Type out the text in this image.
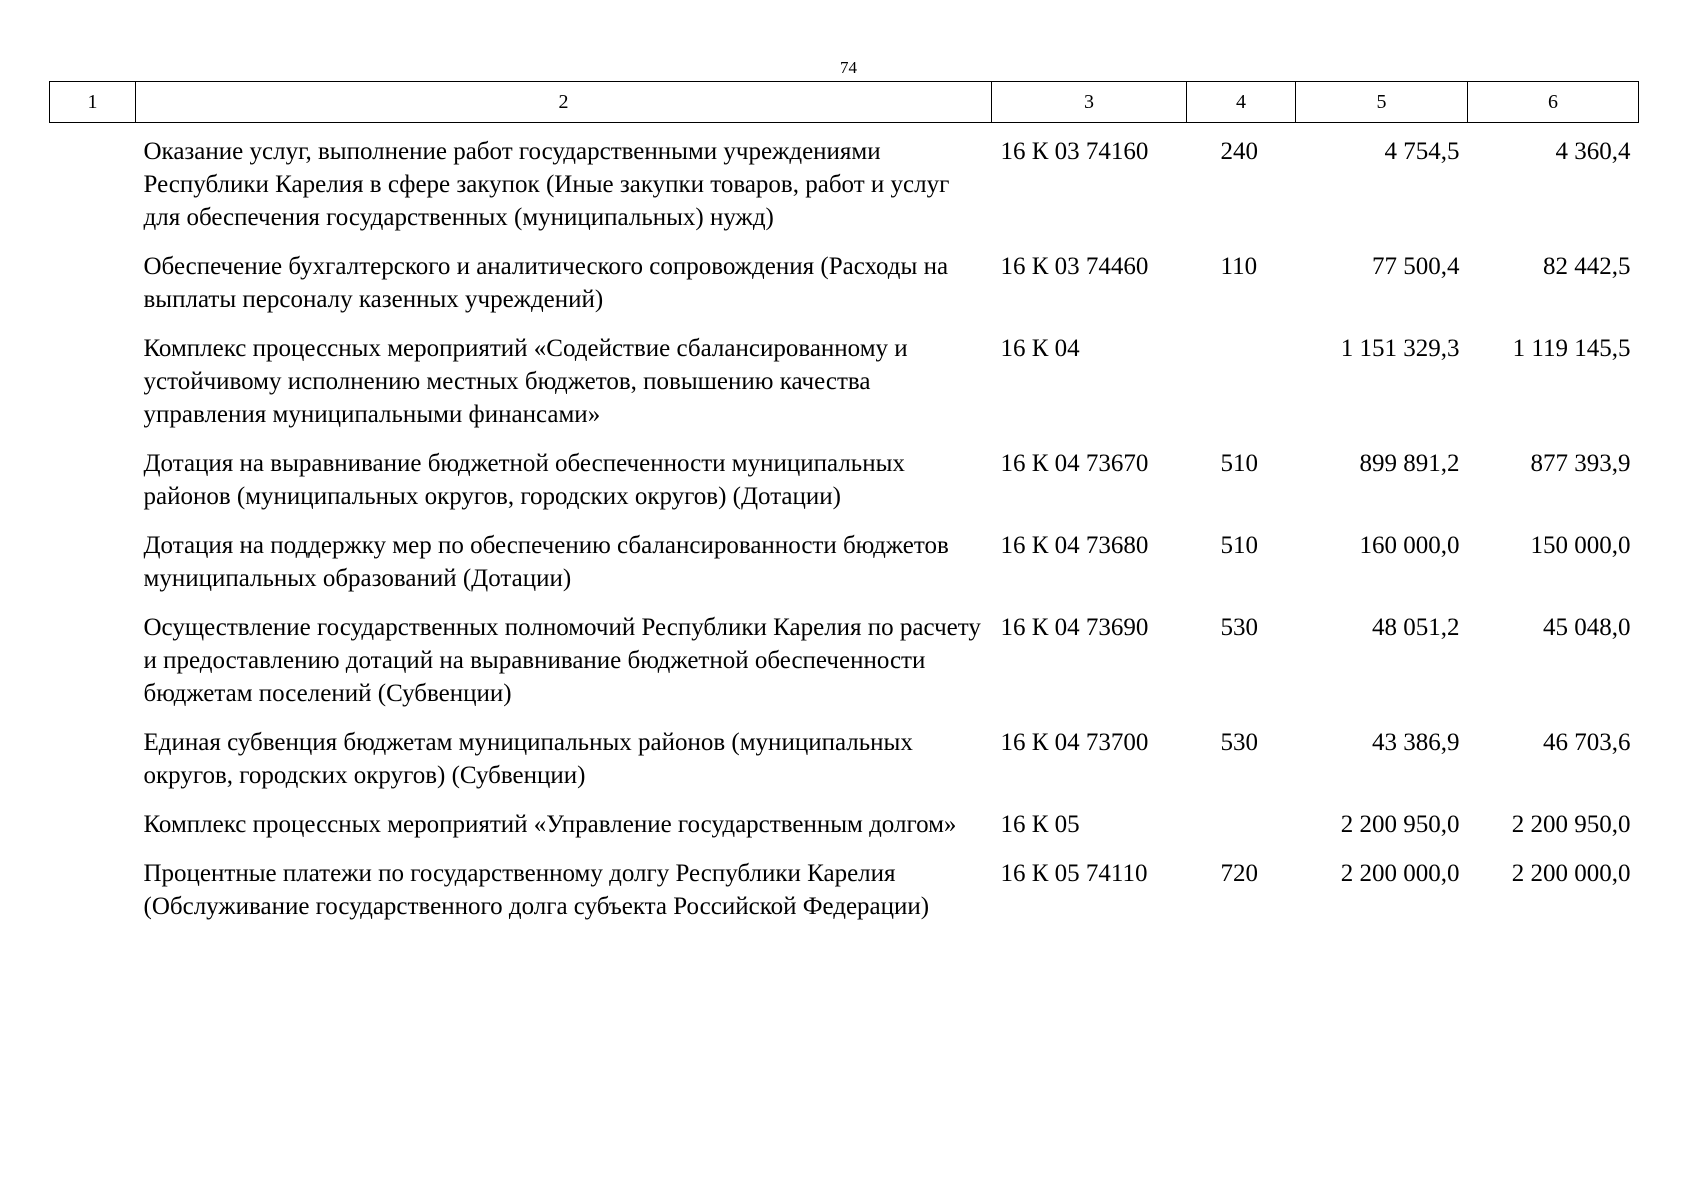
74
1	2	3	4	5	6
	Оказание услуг, выполнение работ государственными учреждениями Республики Карелия в сфере закупок (Иные закупки товаров, работ и услуг для обеспечения государственных (муниципальных) нужд)	16 К 03 74160	240	4 754,5	4 360,4
	Обеспечение бухгалтерского и аналитического сопровождения (Расходы на выплаты персоналу казенных учреждений)	16 К 03 74460	110	77 500,4	82 442,5
	Комплекс процессных мероприятий «Содействие сбалансированному и устойчивому исполнению местных бюджетов, повышению качества управления муниципальными финансами»	16 К 04		1 151 329,3	1 119 145,5
	Дотация на выравнивание бюджетной обеспеченности муниципальных районов (муниципальных округов, городских округов) (Дотации)	16 К 04 73670	510	899 891,2	877 393,9
	Дотация на поддержку мер по обеспечению сбалансированности бюджетов муниципальных образований (Дотации)	16 К 04 73680	510	160 000,0	150 000,0
	Осуществление государственных полномочий Республики Карелия по расчету и предоставлению дотаций на выравнивание бюджетной обеспеченности бюджетам поселений (Субвенции)	16 К 04 73690	530	48 051,2	45 048,0
	Единая субвенция бюджетам муниципальных районов (муниципальных округов, городских округов) (Субвенции)	16 К 04 73700	530	43 386,9	46 703,6
	Комплекс процессных мероприятий «Управление государственным долгом»	16 К 05		2 200 950,0	2 200 950,0
	Процентные платежи по государственному долгу Республики Карелия (Обслуживание государственного долга субъекта Российской Федерации)	16 К 05 74110	720	2 200 000,0	2 200 000,0
